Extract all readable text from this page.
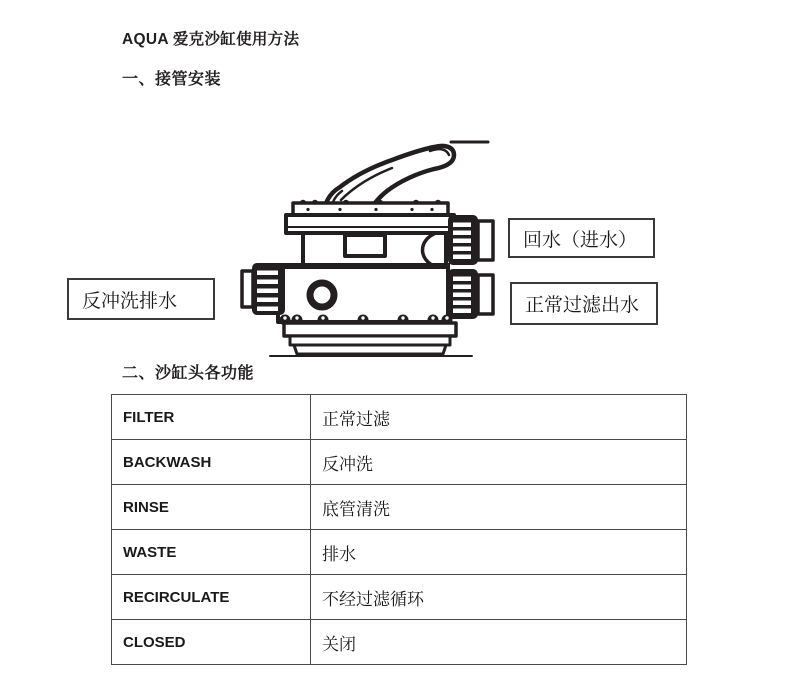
AQUA 爱克沙缸使用方法
一、接管安装
反冲洗排水
回水（进水）
正常过滤出水
二、沙缸头各功能
FILTER	正常过滤
BACKWASH	反冲洗
RINSE	底管清洗
WASTE	排水
RECIRCULATE	不经过滤循环
CLOSED	关闭
